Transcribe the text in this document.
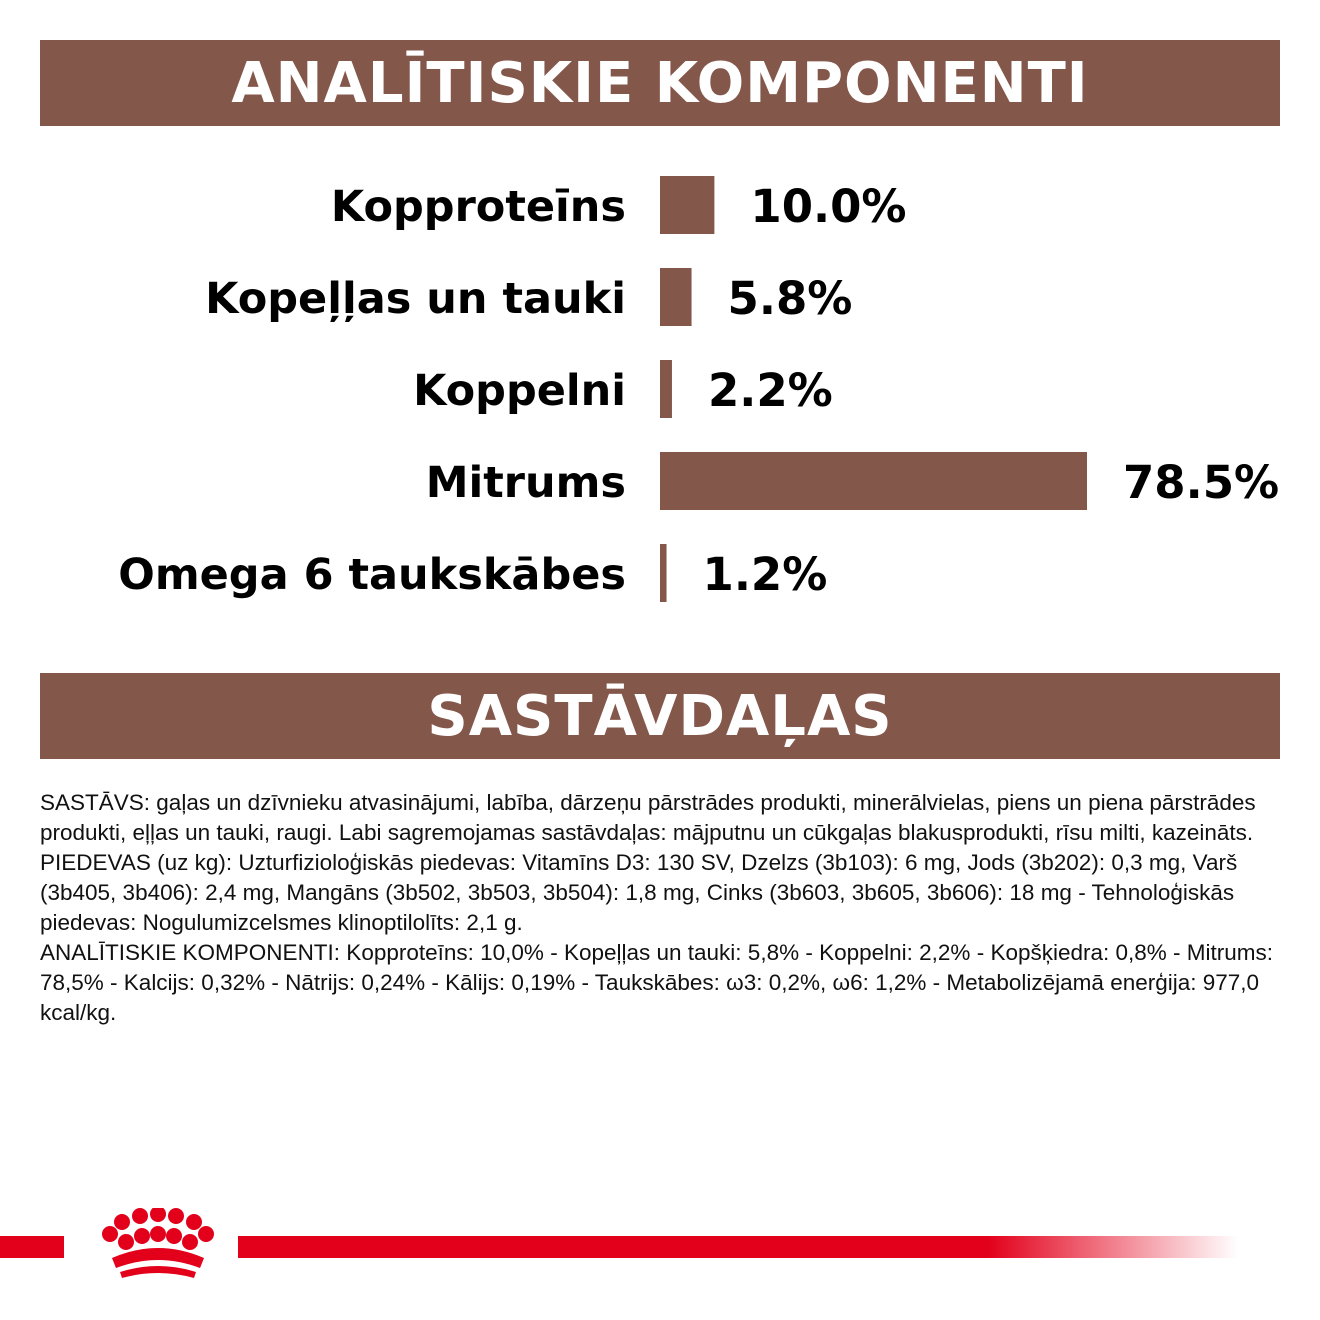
ANALĪTISKIE KOMPONENTI
Kopproteīns	10.0%
Kopeļļas un tauki 5.8%
Koppelni 2.2%
Mitrums	78.5%
Omega 6 taukskābes 1.2%
SASTĀVDAĻAS

SASTĀVS: gaļas un dzīvnieku atvasinājumi, labība, dārzeņu pārstrādes produkti, minerālvielas, piens un piena pārstrādes produkti, eļļas un tauki, raugi. Labi sagremojamas sastāvdaļas: mājputnu un cūkgaļas blakusprodukti, rīsu milti, kazeināts.

PIEDEVAS (uz kg): Uzturfizioloģiskās piedevas: Vitamīns D3: 130 SV, Dzelzs (3b103): 6 mg, Jods (3b202): 0,3 mg, Varš (3b405, 3b406): 2,4 mg, Mangāns (3b502, 3b503, 3b504): 1,8 mg, Cinks (3b603, 3b605, 3b606): 18 mg - Tehnoloģiskās piedevas: Nogulumizcelsmes klinoptilolīts: 2,1 g.

ANALĪTISKIE KOMPONENTI: Kopproteīns: 10,0% - Kopeļļas un tauki: 5,8% - Koppelni: 2,2% - Kopšķiedra: 0,8% - Mitrums: 78,5% - Kalcijs: 0,32% - Nātrijs: 0,24% - Kālijs: 0,19% - Taukskābes: ω3: 0,2%, ω6: 1,2% - Metabolizējamā enerģija: 977,0 kcal/kg.
